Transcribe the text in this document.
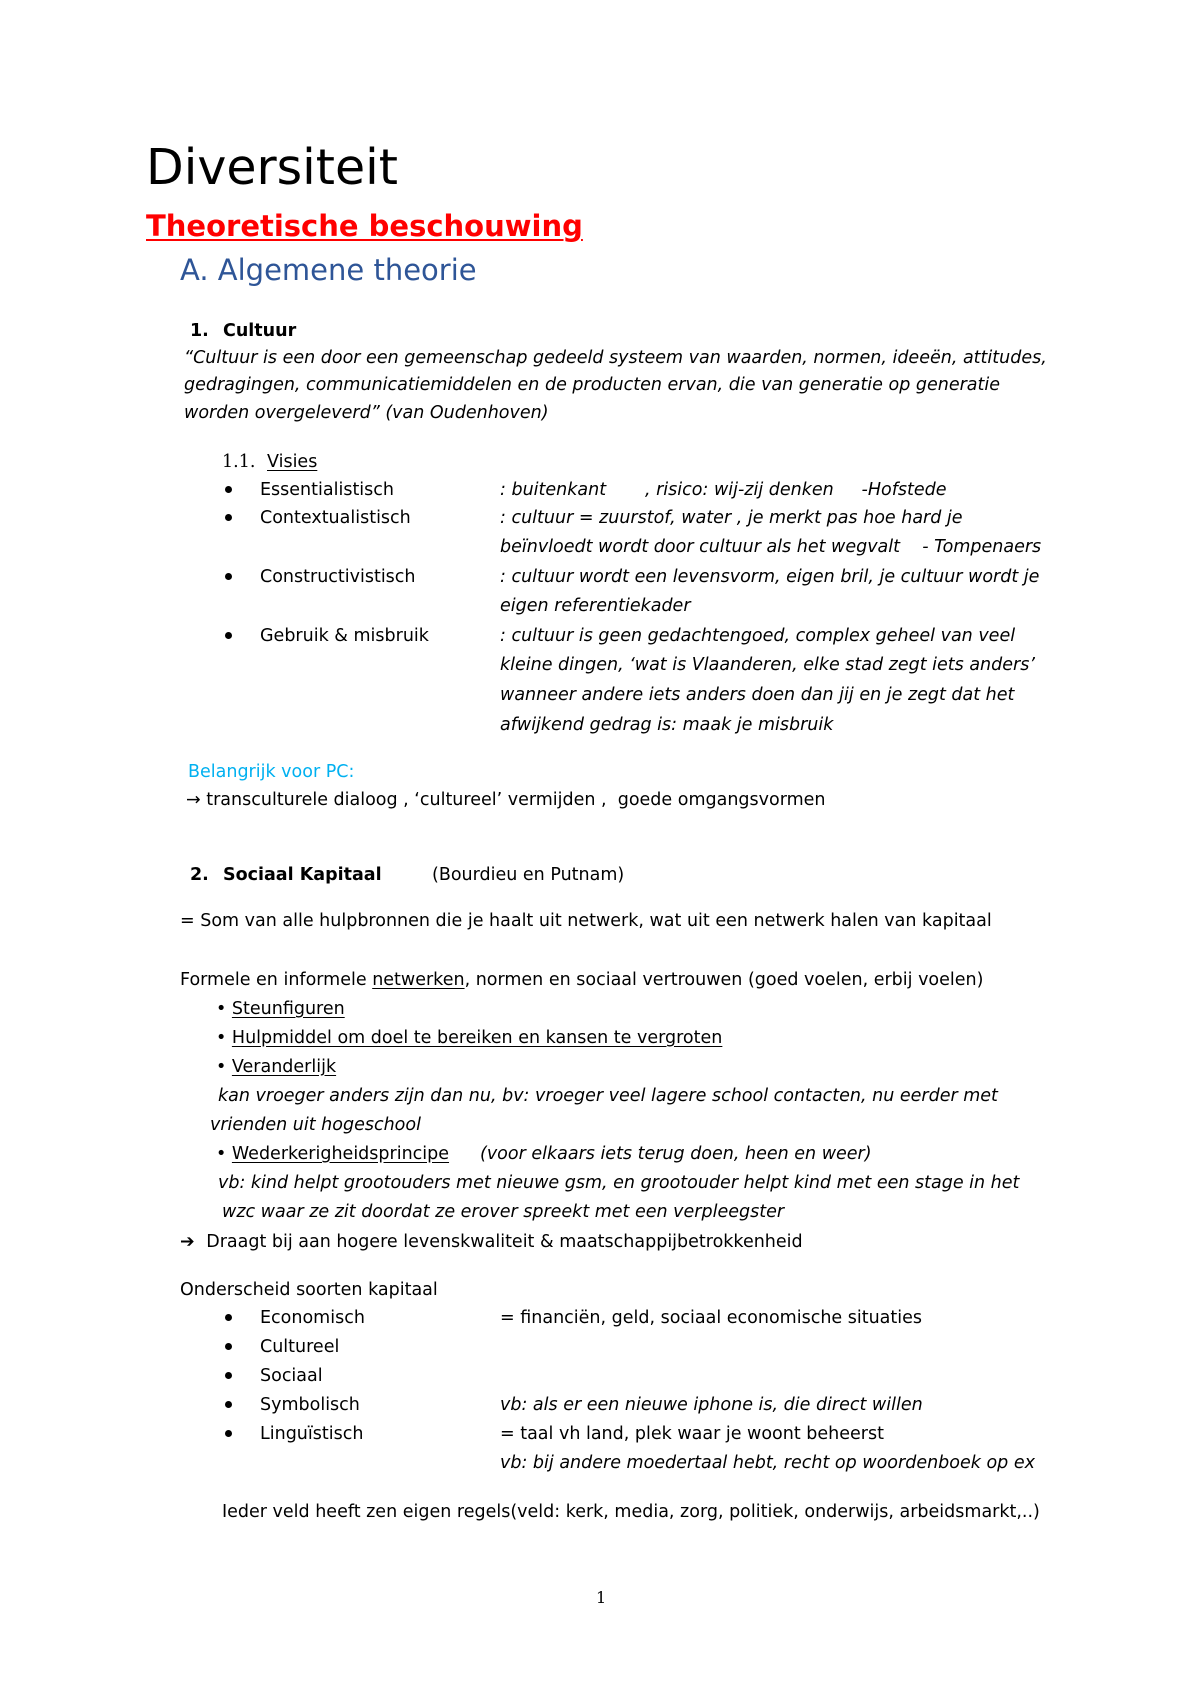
Diversiteit
Theoretische beschouwing
A. Algemene theorie
1. Cultuur
“Cultuur is een door een gemeenschap gedeeld systeem van waarden, normen, ideeën, attitudes,
gedragingen, communicatiemiddelen en de producten ervan, die van generatie op generatie
worden overgeleverd” (van Oudenhoven)
1.1. Visies
Essentialistisch	: buitenkant       , risico: wij-zij denken     -Hofstede
Contextualistisch	: cultuur = zuurstof, water , je merkt pas hoe hard je
beïnvloedt wordt door cultuur als het wegvalt    - Tompenaers
Constructivistisch	: cultuur wordt een levensvorm, eigen bril, je cultuur wordt je
eigen referentiekader
Gebruik & misbruik	: cultuur is geen gedachtengoed, complex geheel van veel
kleine dingen, ‘wat is Vlaanderen, elke stad zegt iets anders’
wanneer andere iets anders doen dan jij en je zegt dat het
afwijkend gedrag is: maak je misbruik
Belangrijk voor PC:
→ transculturele dialoog , ‘cultureel’ vermijden ,  goede omgangsvormen
2. Sociaal Kapitaal	(Bourdieu en Putnam)
= Som van alle hulpbronnen die je haalt uit netwerk, wat uit een netwerk halen van kapitaal
Formele en informele netwerken, normen en sociaal vertrouwen (goed voelen, erbij voelen)
• Steunfiguren
• Hulpmiddel om doel te bereiken en kansen te vergroten
• Veranderlijk
kan vroeger anders zijn dan nu, bv: vroeger veel lagere school contacten, nu eerder met
vrienden uit hogeschool
• Wederkerigheidsprincipe (voor elkaars iets terug doen, heen en weer)
vb: kind helpt grootouders met nieuwe gsm, en grootouder helpt kind met een stage in het
wzc waar ze zit doordat ze erover spreekt met een verpleegster
➔ Draagt bij aan hogere levenskwaliteit & maatschappijbetrokkenheid
Onderscheid soorten kapitaal
Economisch	= financiën, geld, sociaal economische situaties
Cultureel
Sociaal
Symbolisch	vb: als er een nieuwe iphone is, die direct willen
Linguïstisch	= taal vh land, plek waar je woont beheerst
vb: bij andere moedertaal hebt, recht op woordenboek op ex
Ieder veld heeft zen eigen regels(veld: kerk, media, zorg, politiek, onderwijs, arbeidsmarkt,..)
1
